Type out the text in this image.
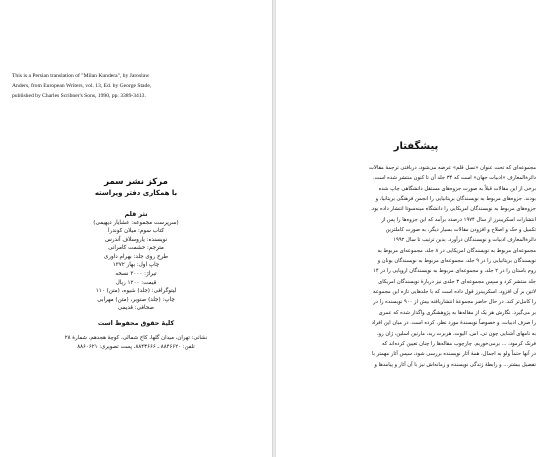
This is a Persian translation of "Milan Kundera", by Jaroslaw
Anders, from European Writers, vol. 13, Ed. by George Stade,
published by Charles Scribner's Sons, 1990, pp. 3389-3413.
مرکز نشر سمر
با همکاری دفتر ویراسته
نثر قلم
(سرپرست مجموعه: عشایار دیهیمی)
کتاب سوم: میلان کوندرا
نویسنده: یاروسلاف آندرس
مترجم: حشمت کامرانی
طرح روی جلد: بهرام داوری
چاپ اول: بهار ۱۳۷۲
تیراژ: ۳۰۰۰ نسخه
قیمت: ۱۲۰۰ ریال
لیتوگرافی: (جلد) شیوه، (متن) ۱۱۰
چاپ: (جلد) صنوبر، (متن) مهرابی
صحافی: قدیمی
کلیهٔ حقوق محفوظ است
نشانی: تهران، میدان گلها، کاج شمالی، کوچهٔ هجدهم، شمارهٔ ۲۸
تلفن: ۸۸۴۶۶۲۰ ـ ۸۸۴۳۶۶۶، پست تصویری: ۸۸۶۰۶۲۱
پیشگفتار
مجموعه‌ای که تحت عنوان «نسل قلم» عرضه می‌شود، دربافتی ترجمهٔ مقالات
دائرةالمعارف «ادبیات جهان» است که ۳۴ جلد آن تا کنون منتشر شده است.
برخی از این مقالات قبلاً به صورت جزوه‌های مستقل دانشگاهی چاپ شده
بودند. جزوه‌های مربوط به نویسندگان بریتانیایی را انجمن فرهنگی بریتانیا، و
جزوه‌های مربوط به نویسندگان امریکایی را دانشگاه مینه‌سوتا انتشار داده بود.
انتشارات اسکریبنرز از سال ۱۹۷۴ درصدد برآمد که این جزوه‌ها را پس از
تکمیل و حک و اصلاح و افزودن مقالات بسیار دیگر، به صورت کاملترین
دائرةالمعارف ادبیات و نویسندگان درآورد. بدین ترتیب تا سال ۱۹۹۲
مجموعه‌ای مربوط به نویسندگان امریکایی در ۸ جلد، مجموعه‌ای مربوط به
نویسندگان بریتانیایی را در ۹ جلد، مجموعه‌ای مربوط به نویسندگان یونان و
روم باستان را در ۲ جلد، و مجموعه‌ای مربوط به نویسندگان اروپایی را در ۱۴
جلد منتشر کرد و سپس مجموعه‌ای ۳ جلدی نیز دربارهٔ نویسندگان امریکای
لاتین بر آن افزود. اسکریبنرز قول داده است که با جلدهایی تازه این مجموعه
را کامل‌تر کند. در حال حاضر مجموعهٔ انتشاریافته بیش از ۹۰۰ نویسنده را در
بر می‌گیرد. نگارش هر یک از مقاله‌ها به پژوهشگری واگذار شده که عمری
را صرف ادبیات، و خصوصاً نویسندهٔ مورد نظر، کرده است. در میان این افراد
به نامهای آشنایی چون تی. اس. الیوت، هربرت رید، مارتین اسلین، ژان رو،
فرنک کرمود، ... برمی‌خوریم. چارچوب مقاله‌ها را چنان تعیین کرده‌اند که
در آنها حتماً ولو به اجمال، همهٔ آثار نویسنده بررسی شود، سپس آثار مهمتر با
تفصیل بیشتر... و رابطهٔ زندگی نویسنده و زمانه‌اش نیز با آن آثار و پیامدها و
